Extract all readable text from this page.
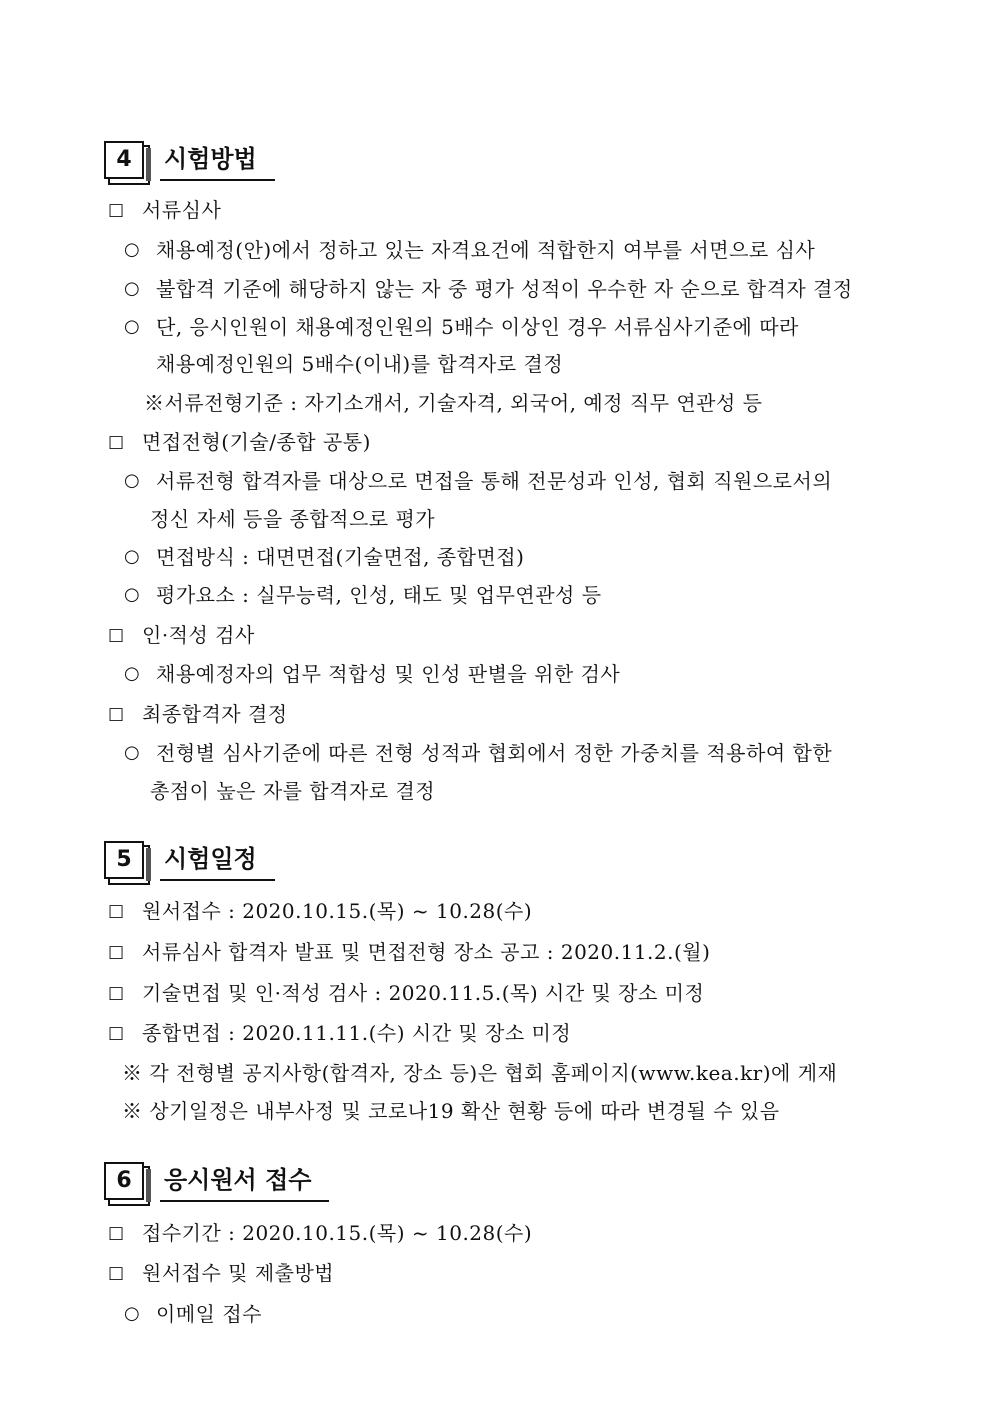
4	시험방법
□ 서류심사
○ 채용예정(안)에서 정하고 있는 자격요건에 적합한지 여부를 서면으로 심사
○ 불합격 기준에 해당하지 않는 자 중 평가 성적이 우수한 자 순으로 합격자 결정
○ 단, 응시인원이 채용예정인원의 5배수 이상인 경우 서류심사기준에 따라
채용예정인원의 5배수(이내)를 합격자로 결정
※서류전형기준 : 자기소개서, 기술자격, 외국어, 예정 직무 연관성 등
□ 면접전형(기술/종합 공통)
○ 서류전형 합격자를 대상으로 면접을 통해 전문성과 인성, 협회 직원으로서의
정신 자세 등을 종합적으로 평가
○ 면접방식 : 대면면접(기술면접, 종합면접)
○ 평가요소 : 실무능력, 인성, 태도 및 업무연관성 등
□ 인·적성 검사
○ 채용예정자의 업무 적합성 및 인성 판별을 위한 검사
□ 최종합격자 결정
○ 전형별 심사기준에 따른 전형 성적과 협회에서 정한 가중치를 적용하여 합한
총점이 높은 자를 합격자로 결정
5	시험일정
□ 원서접수 : 2020.10.15.(목) ~ 10.28(수)
□ 서류심사 합격자 발표 및 면접전형 장소 공고 : 2020.11.2.(월)
□ 기술면접 및 인·적성 검사 : 2020.11.5.(목) 시간 및 장소 미정
□ 종합면접 : 2020.11.11.(수) 시간 및 장소 미정
※ 각 전형별 공지사항(합격자, 장소 등)은 협회 홈페이지(www.kea.kr)에 게재
※ 상기일정은 내부사정 및 코로나19 확산 현황 등에 따라 변경될 수 있음
6	응시원서 접수
□ 접수기간 : 2020.10.15.(목) ~ 10.28(수)
□ 원서접수 및 제출방법
○ 이메일 접수
